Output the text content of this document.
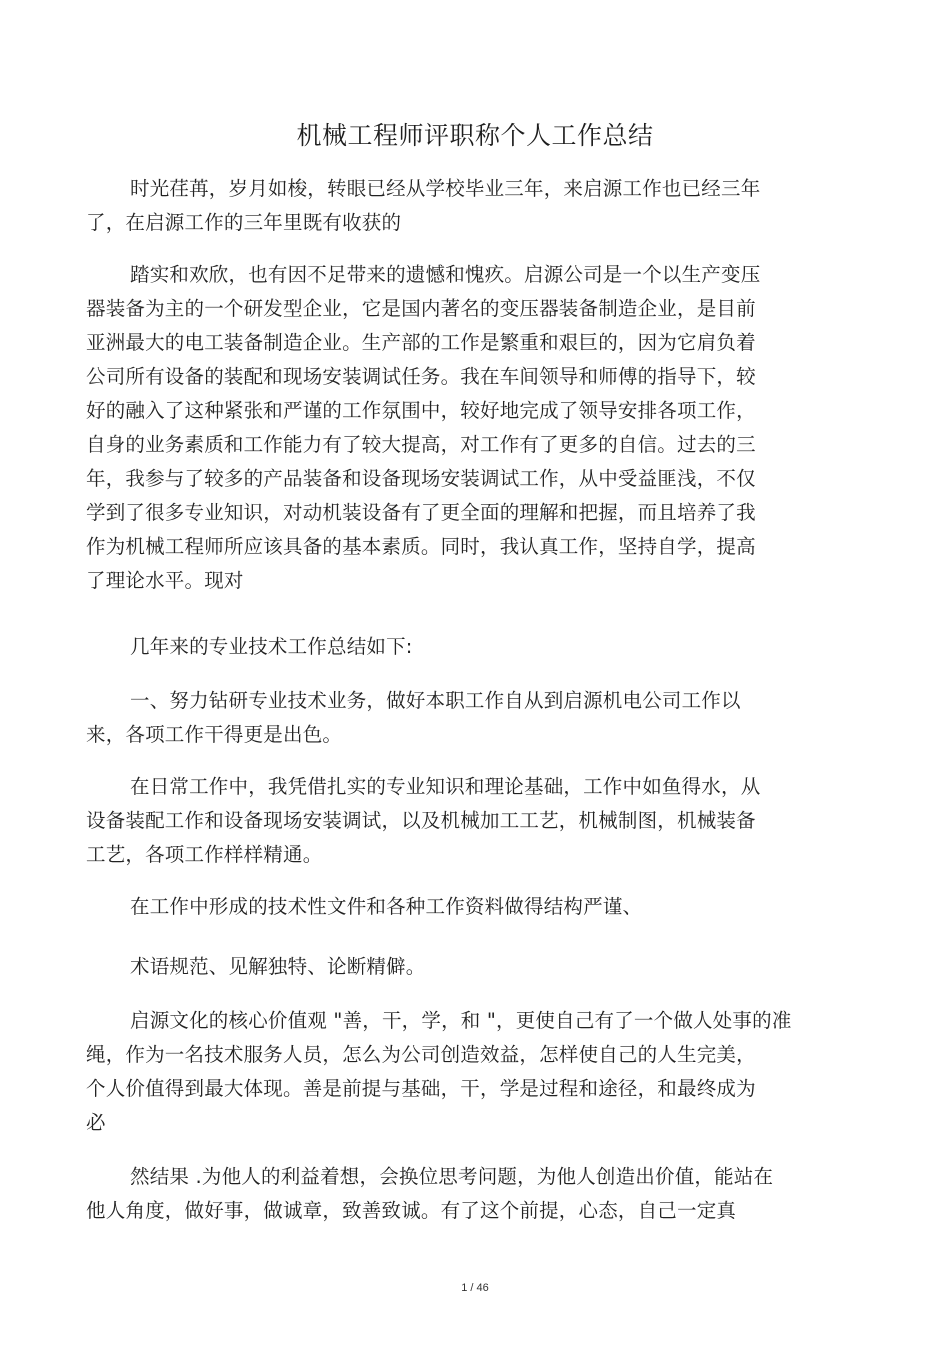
机械工程师评职称个人工作总结

时光荏苒，岁月如梭，转眼已经从学校毕业三年，来启源工作也已经三年
了，在启源工作的三年里既有收获的

踏实和欢欣，也有因不足带来的遗憾和愧疚。启源公司是一个以生产变压
器装备为主的一个研发型企业，它是国内著名的变压器装备制造企业，是目前
亚洲最大的电工装备制造企业。生产部的工作是繁重和艰巨的，因为它肩负着
公司所有设备的装配和现场安装调试任务。我在车间领导和师傅的指导下，较
好的融入了这种紧张和严谨的工作氛围中，较好地完成了领导安排各项工作，
自身的业务素质和工作能力有了较大提高，对工作有了更多的自信。过去的三
年，我参与了较多的产品装备和设备现场安装调试工作，从中受益匪浅，不仅
学到了很多专业知识，对动机装设备有了更全面的理解和把握，而且培养了我
作为机械工程师所应该具备的基本素质。同时，我认真工作，坚持自学，提高
了理论水平。现对

几年来的专业技术工作总结如下:

一、努力钻研专业技术业务，做好本职工作自从到启源机电公司工作以
来，各项工作干得更是出色。

在日常工作中，我凭借扎实的专业知识和理论基础，工作中如鱼得水，从
设备装配工作和设备现场安装调试，以及机械加工工艺，机械制图，机械装备
工艺，各项工作样样精通。

在工作中形成的技术性文件和各种工作资料做得结构严谨、

术语规范、见解独特、论断精僻。

启源文化的核心价值观 "善，干，学，和 "，更使自己有了一个做人处事的准
绳，作为一名技术服务人员，怎么为公司创造效益，怎样使自己的人生完美，
个人价值得到最大体现。善是前提与基础，干，学是过程和途径，和最终成为
必

然结果 .为他人的利益着想，会换位思考问题，为他人创造出价值，能站在
他人角度，做好事，做诚章，致善致诚。有了这个前提，心态，自己一定真

1 / 46
